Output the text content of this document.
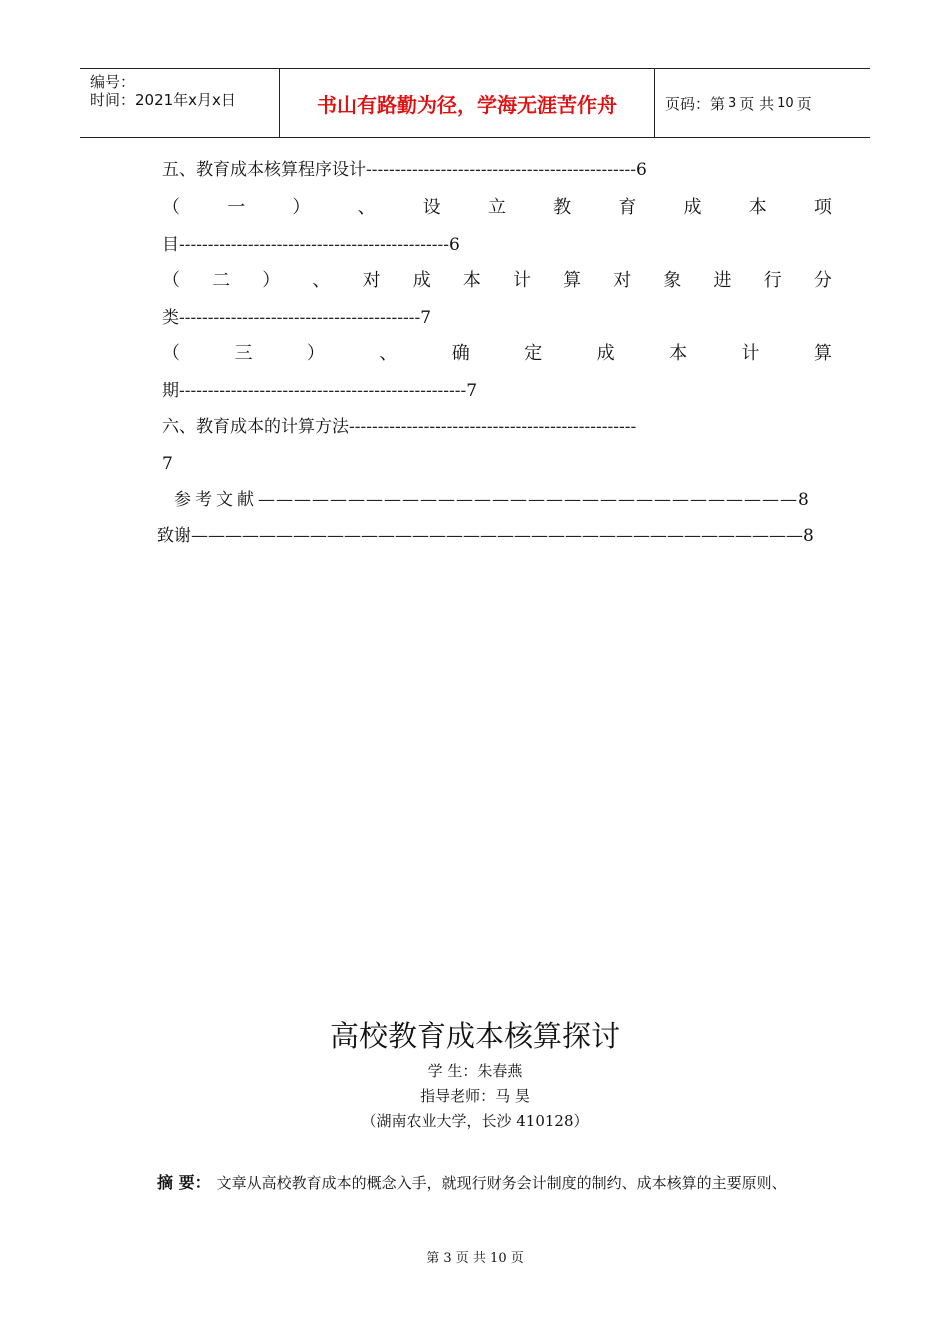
编号：
时间：2021年x月x日	书山有路勤为径，学海无涯苦作舟	页码：第 3 页 共 10 页
五、教育成本核算程序设计-----------------------------------------------6
（	一	）	、	设	立	教	育	成	本	项
目-----------------------------------------------6
（ 二 ） 、 对 成 本 计 算 对 象 进 行 分
类------------------------------------------7
（	三	）	、	确	定	成	本	计	算
期--------------------------------------------------7
六、教育成本的计算方法--------------------------------------------------
7
参考文献——————————————————————————————8
致谢————————————————————————————————————8
高校教育成本核算探讨
学 生：朱春燕
指导老师：马 昊
（湖南农业大学，长沙 410128）
摘 要： 文章从高校教育成本的概念入手，就现行财务会计制度的制约、成本核算的主要原则、
第 3 页 共 10 页
